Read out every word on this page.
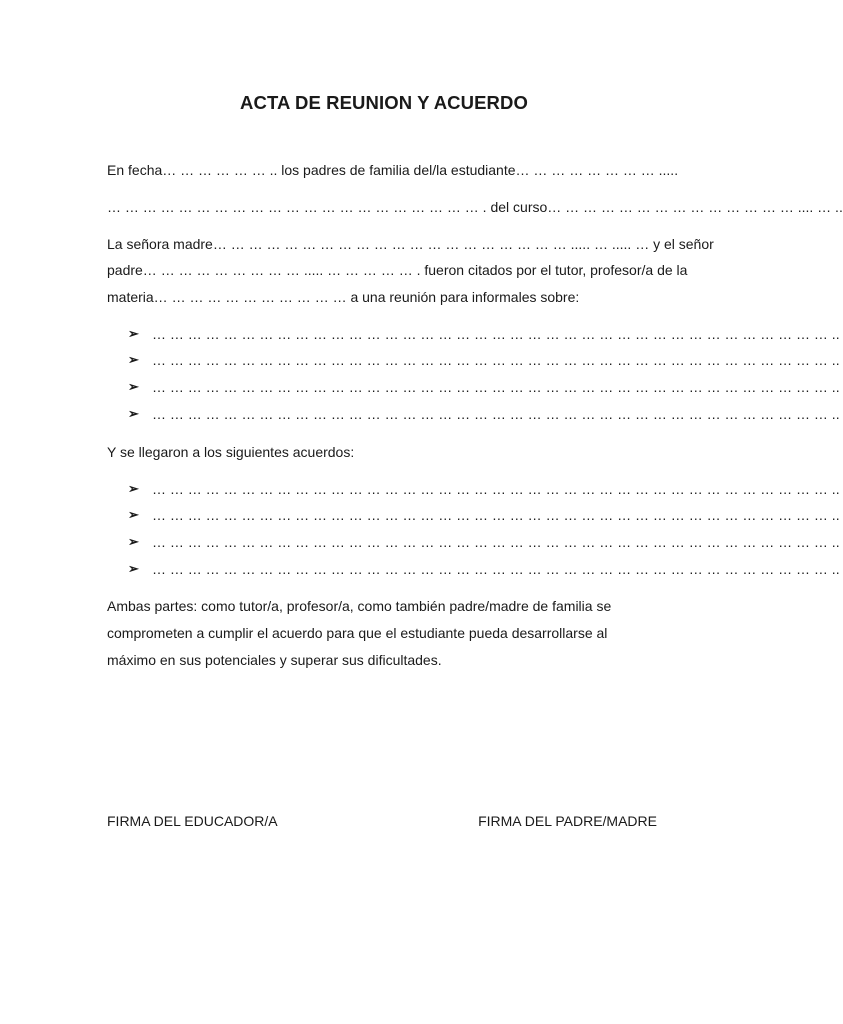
ACTA DE REUNION Y ACUERDO
En fecha… … … … … … .. los padres de familia del/la estudiante… … … … … … … … .....
… … … … … … … … … … … … … … … … … … … … … . del curso… … … … … … … … … … … … … … .... … ..
La señora madre… … … … … … … … … … … … … … … … … … … … ..... … ..... … y el señor
padre… … … … … … … … … ..... … … … … … . fueron citados por el tutor, profesor/a de la
materia… … … … … … … … … … … a una reunión para informales sobre:
➢ … … … … … … … … … … … … … … … … … … … … … … … … … … … … … … … … … … … … … … ..
➢ … … … … … … … … … … … … … … … … … … … … … … … … … … … … … … … … … … … … … … ..
➢ … … … … … … … … … … … … … … … … … … … … … … … … … … … … … … … … … … … … … … ..
➢ … … … … … … … … … … … … … … … … … … … … … … … … … … … … … … … … … … … … … … ..
Y se llegaron a los siguientes acuerdos:
➢ … … … … … … … … … … … … … … … … … … … … … … … … … … … … … … … … … … … … … … ..
➢ … … … … … … … … … … … … … … … … … … … … … … … … … … … … … … … … … … … … … … ..
➢ … … … … … … … … … … … … … … … … … … … … … … … … … … … … … … … … … … … … … … ..
➢ … … … … … … … … … … … … … … … … … … … … … … … … … … … … … … … … … … … … … … ..
Ambas partes: como tutor/a, profesor/a, como también padre/madre de familia se
comprometen a cumplir el acuerdo para que el estudiante pueda desarrollarse al
máximo en sus potenciales y superar sus dificultades.
FIRMA DEL EDUCADOR/A	FIRMA DEL PADRE/MADRE
